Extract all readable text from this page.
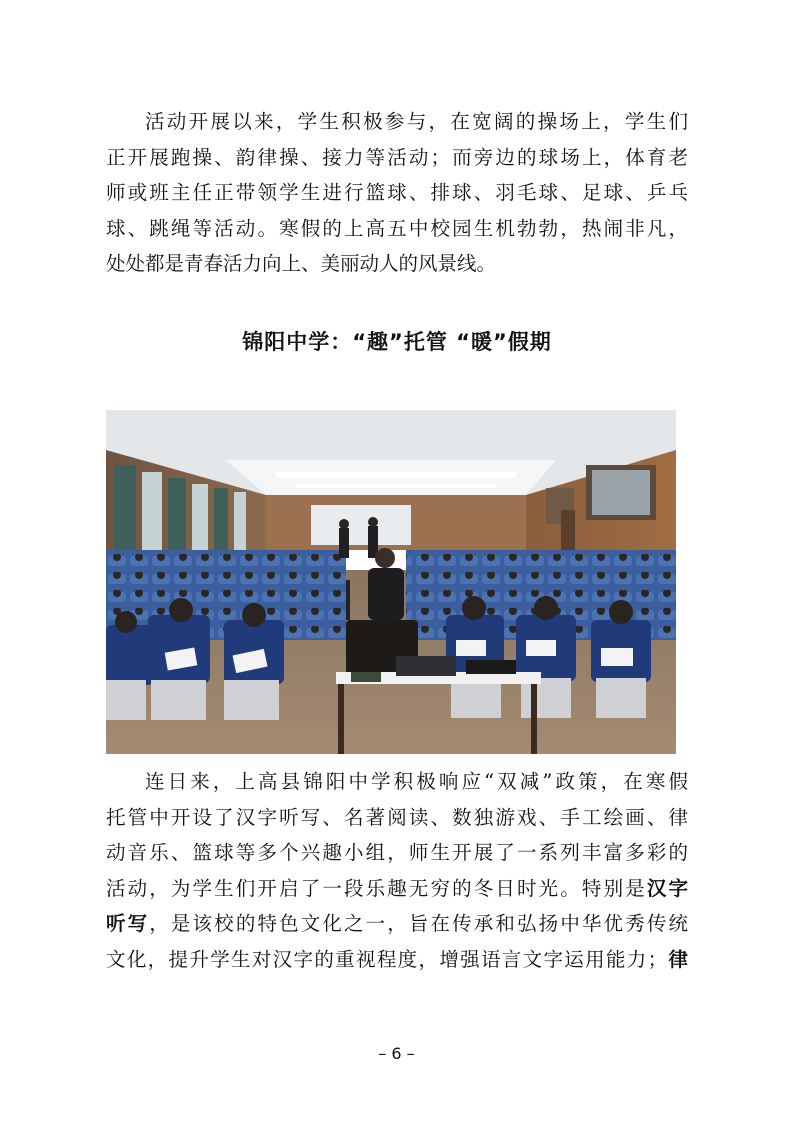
活动开展以来，学生积极参与，在宽阔的操场上，学生们
正开展跑操、韵律操、接力等活动；而旁边的球场上，体育老
师或班主任正带领学生进行篮球、排球、羽毛球、足球、乒乓
球、跳绳等活动。寒假的上高五中校园生机勃勃，热闹非凡，
处处都是青春活力向上、美丽动人的风景线。
锦阳中学：“趣”托管 “暖”假期
连日来，上高县锦阳中学积极响应“双减”政策，在寒假
托管中开设了汉字听写、名著阅读、数独游戏、手工绘画、律
动音乐、篮球等多个兴趣小组，师生开展了一系列丰富多彩的
活动，为学生们开启了一段乐趣无穷的冬日时光。特别是汉字
听写，是该校的特色文化之一，旨在传承和弘扬中华优秀传统
文化，提升学生对汉字的重视程度，增强语言文字运用能力；律
– 6 –
